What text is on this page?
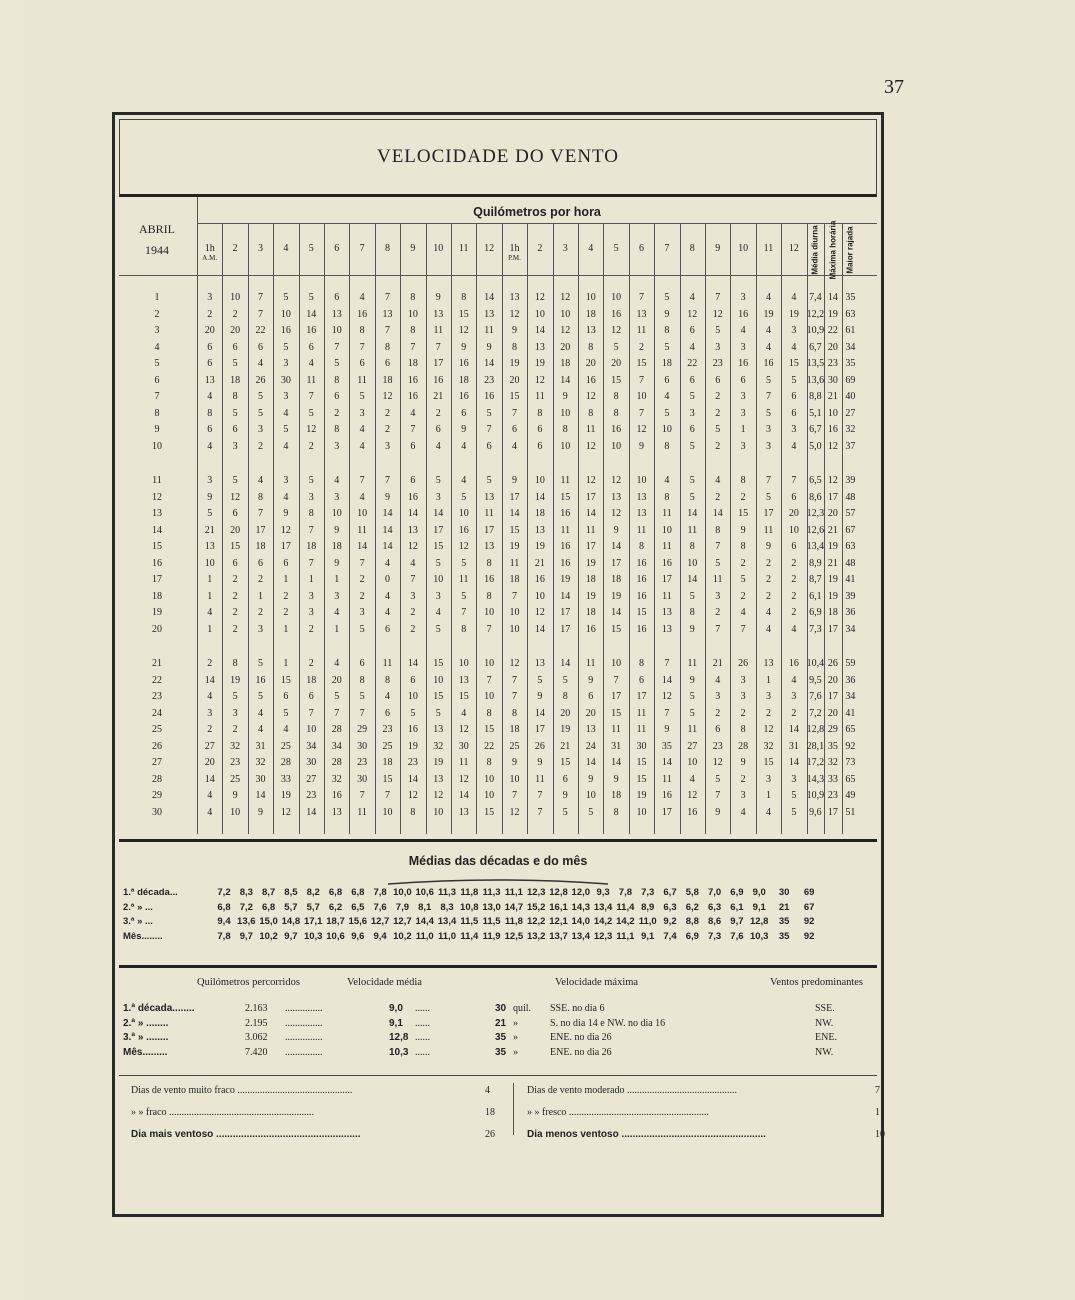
37
VELOCIDADE DO VENTO
Quilómetros por hora
ABRIL
1944	1h
A.M.
2	3	4	5	6	7	8	9	10	11	12	1h
P.M.
2	3	4	5	6	7	8	9	10	11	12	Média diurna Máxima horária Maior rajada
1	3	10	7	5	5	6	4	7	8	9	8	14	13	12	12	10	10	7	5	4	7	3	4	4	7,4 14 35
2	2	2	7	10	14	13	16	13	10	13	15	13	12	10	10	18	16	13	9	12	12	16	19	19 12,2 19 63
3	20	20	22	16	16	10	8	7	8	11	12	11	9	14	12	13	12	11	8	6	5	4	4	3	10,9 22 61
4	6	6	6	5	6	7	7	8	7	7	9	9	8	13	20	8	5	2	5	4	3	3	4	4	6,7 20 34
5	6	5	4	3	4	5	6	6	18	17	16	14	19	19	18	20	20	15	18	22	23	16	16	15 13,5 23 35
6	13	18	26	30	11	8	11	18	16	16	18	23	20	12	14	16	15	7	6	6	6	6	5	5	13,6 30 69
7	4	8	5	3	7	6	5	12	16	21	16	16	15	11	9	12	8	10	4	5	2	3	7	6	8,8 21 40
8	8	5	5	4	5	2	3	2	4	2	6	5	7	8	10	8	8	7	5	3	2	3	5	6	5,1 10 27
9	6	6	3	5	12	8	4	2	7	6	9	7	6	6	8	11	16	12	10	6	5	1	3	3	6,7 16 32
10	4	3	2	4	2	3	4	3	6	4	4	6	4	6	10	12	10	9	8	5	2	3	3	4	5,0 12 37
11	3	5	4	3	5	4	7	7	6	5	4	5	9	10	11	12	12	10	4	5	4	8	7	7	6,5 12 39
12	9	12	8	4	3	3	4	9	16	3	5	13	17	14	15	17	13	13	8	5	2	2	5	6	8,6 17 48
13	5	6	7	9	8	10	10	14	14	14	10	11	14	18	16	14	12	13	11	14	14	15	17	20 12,3 20 57
14	21	20	17	12	7	9	11	14	13	17	16	17	15	13	11	11	9	11	10	11	8	9	11	10 12,6 21 67
15	13	15	18	17	18	18	14	14	12	15	12	13	19	19	16	17	14	8	11	8	7	8	9	6	13,4 19 63
16	10	6	6	6	7	9	7	4	4	5	5	8	11	21	16	19	17	16	16	10	5	2	2	2	8,9 21 48
17	1	2	2	1	1	1	2	0	7	10	11	16	18	16	19	18	18	16	17	14	11	5	2	2	8,7 19 41
18	1	2	1	2	3	3	2	4	3	3	5	8	7	10	14	19	19	16	11	5	3	2	2	2	6,1 19 39
19	4	2	2	2	3	4	3	4	2	4	7	10	10	12	17	18	14	15	13	8	2	4	4	2	6,9 18 36
20	1	2	3	1	2	1	5	6	2	5	8	7	10	14	17	16	15	16	13	9	7	7	4	4	7,3 17 34
21	2	8	5	1	2	4	6	11	14	15	10	10	12	13	14	11	10	8	7	11	21	26	13	16 10,4 26 59
22	14	19	16	15	18	20	8	8	6	10	13	7	7	5	5	9	7	6	14	9	4	3	1	4	9,5 20 36
23	4	5	5	6	6	5	5	4	10	15	15	10	7	9	8	6	17	17	12	5	3	3	3	3	7,6 17 34
24	3	3	4	5	7	7	7	6	5	5	4	8	8	14	20	20	15	11	7	5	2	2	2	2	7,2 20 41
25	2	2	4	4	10	28	29	23	16	13	12	15	18	17	19	13	11	11	9	11	6	8	12	14 12,8 29 65
26	27	32	31	25	34	34	30	25	19	32	30	22	25	26	21	24	31	30	35	27	23	28	32	31 28,1 35 92
27	20	23	32	28	30	28	23	18	23	19	11	8	9	9	15	14	14	15	14	10	12	9	15	14 17,2 32 73
28	14	25	30	33	27	32	30	15	14	13	12	10	10	11	6	9	9	15	11	4	5	2	3	3	14,3 33 65
29	4	9	14	19	23	16	7	7	12	12	14	10	7	7	9	10	18	19	16	12	7	3	1	5	10,9 23 49
30	4	10	9	12	14	13	11	10	8	10	13	15	12	7	5	5	8	10	17	16	9	4	4	5	9,6 17 51
Médias das décadas e do mês
1.ª década...	7,2 8,3 8,7 8,5 8,2 6,8 6,8 7,8 10,0 10,6 11,3 11,8 11,3 11,1 12,3 12,8 12,0 9,3 7,8 7,3 6,7 5,8 7,0 6,9 9,0	30	69
2.ª » ...	6,8 7,2 6,8 5,7 5,7 6,2 6,5 7,6 7,9 8,1 8,3 10,8 13,0 14,7 15,2 16,1 14,3 13,4 11,4 8,9 6,3 6,2 6,3 6,1 9,1	21	67
3.ª » ...	9,4 13,6 15,0 14,8 17,1 18,7 15,6 12,7 12,7 14,4 13,4 11,5 11,5 11,8 12,2 12,1 14,0 14,2 14,2 11,0 9,2 8,8 8,6 9,7 12,8	35	92
Mês........	7,8 9,7 10,2 9,7 10,3 10,6 9,6 9,4 10,2 11,0 11,0 11,4 11,9 12,5 13,2 13,7 13,4 12,3 11,1 9,1 7,4 6,9 7,3 7,6 10,3	35	92
Quilómetros percorridos	Velocidade média	Velocidade máxima	Ventos predominantes
1.ª década........	2.163 ...............	9,0 ......	30 quil. SSE. no dia 6	SSE.
2.ª » ........	2.195 ...............	9,1 ......	21 »	S. no dia 14 e NW. no dia 16	NW.
3.ª » ........	3.062 ...............	12,8 ......	35 »	ENE. no dia 26	ENE.
Mês.........	7.420 ...............	10,3 ......	35 »	ENE. no dia 26	NW.
Dias de vento muito fraco ..............................................	4
» » fraco ..........................................................	18
Dia mais ventoso ....................................................	26
Dias de vento moderado ............................................	7
» » fresco ........................................................	1
Dia menos ventoso ....................................................	10
